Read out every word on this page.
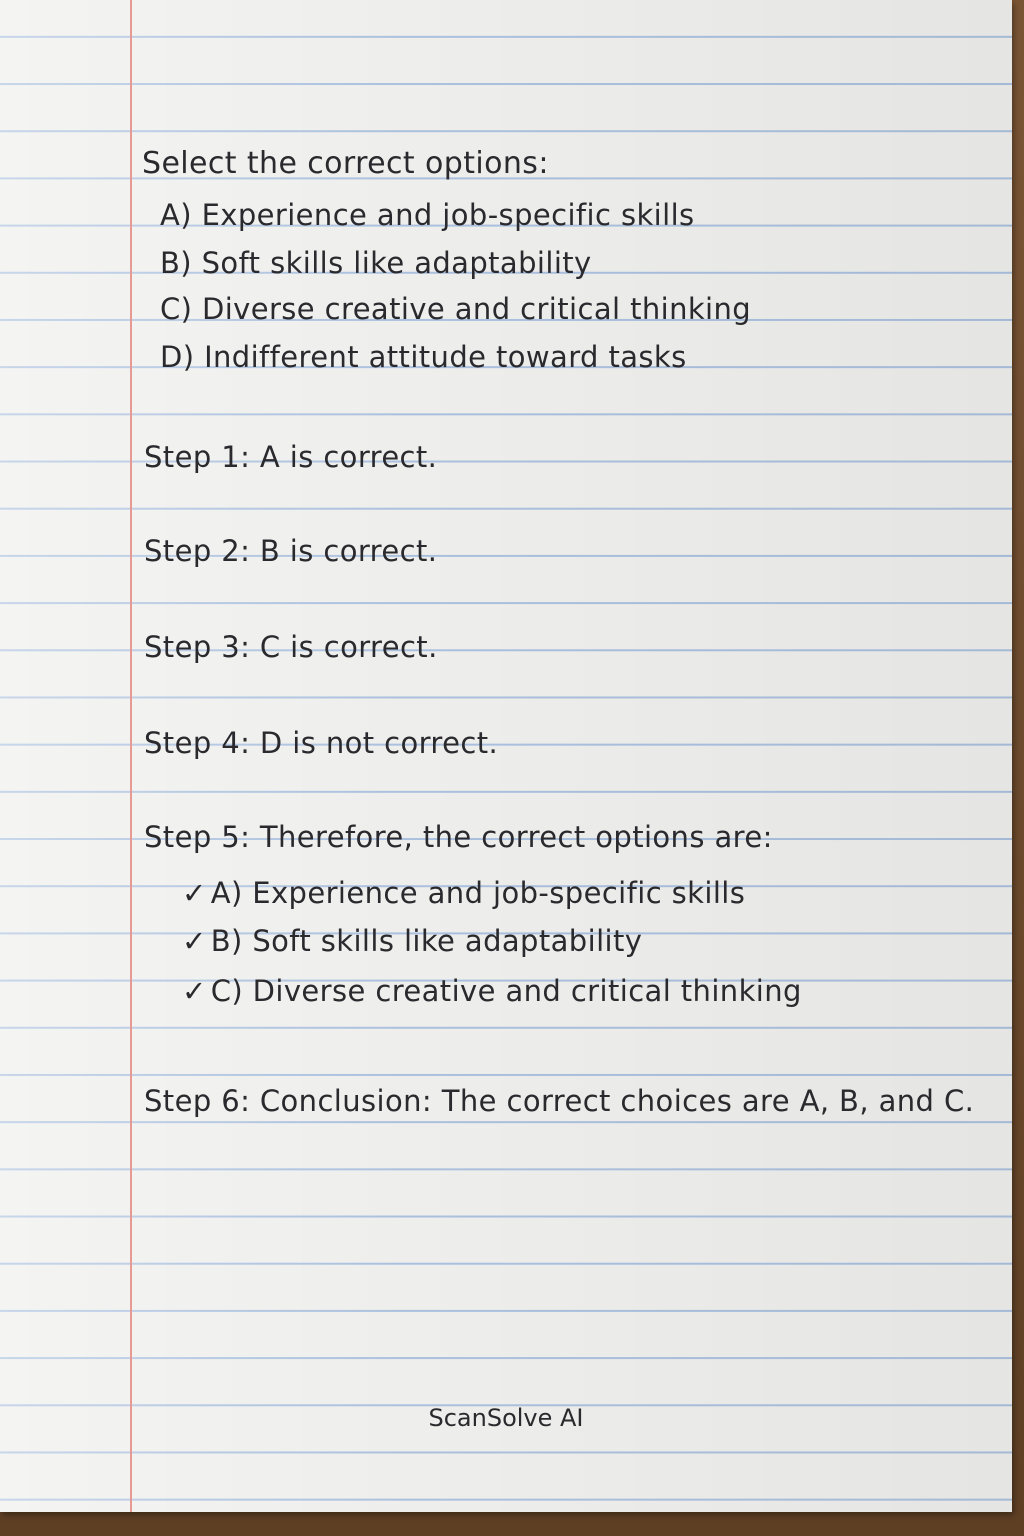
Select the correct options:
A) Experience and job-specific skills
B) Soft skills like adaptability
C) Diverse creative and critical thinking
D) Indifferent attitude toward tasks
Step 1: A is correct.
Step 2: B is correct.
Step 3: C is correct.
Step 4: D is not correct.
Step 5: Therefore, the correct options are:
✓ A) Experience and job-specific skills
✓ B) Soft skills like adaptability
✓ C) Diverse creative and critical thinking
Step 6: Conclusion: The correct choices are A, B, and C.
ScanSolve AI
